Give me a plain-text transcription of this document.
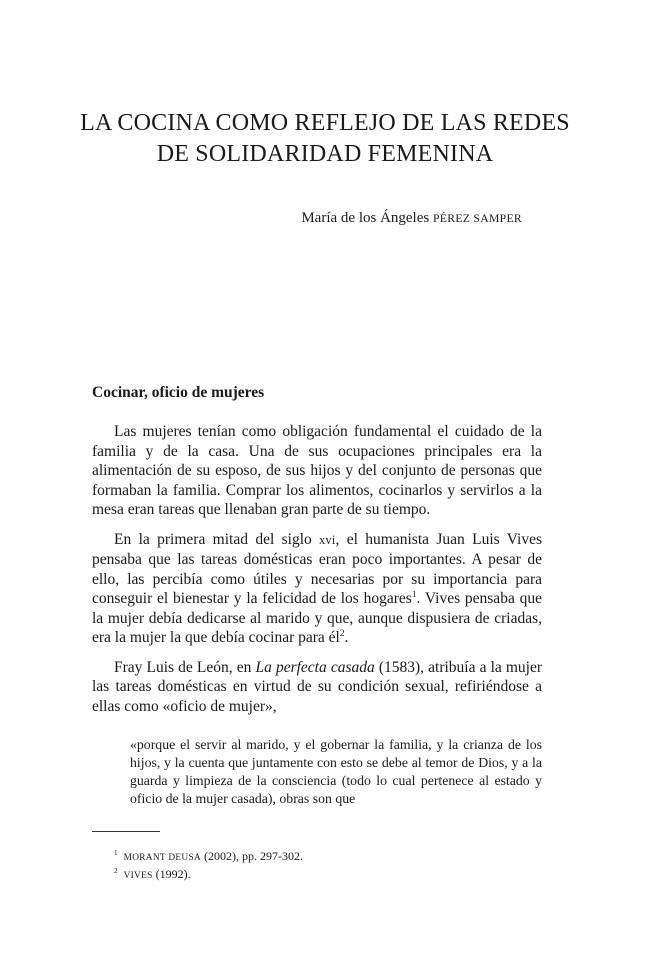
LA COCINA COMO REFLEJO DE LAS REDES
DE SOLIDARIDAD FEMENINA
María de los Ángeles PÉREZ SAMPER
Cocinar, oficio de mujeres

Las mujeres tenían como obligación fundamental el cuidado de la familia y de la casa. Una de sus ocupaciones principales era la alimentación de su esposo, de sus hijos y del conjunto de personas que formaban la familia. Comprar los alimentos, cocinarlos y servirlos a la mesa eran tareas que llenaban gran parte de su tiempo.

En la primera mitad del siglo xvi, el humanista Juan Luis Vives pensaba que las tareas domésticas eran poco importantes. A pesar de ello, las percibía como útiles y necesarias por su importancia para conseguir el bienestar y la felicidad de los hogares$^1$. Vives pensaba que la mujer debía dedicarse al marido y que, aunque dispusiera de criadas, era la mujer la que debía cocinar para $él^2$.

Fray Luis de León, en La perfecta casada (1583), atribuía a la mujer las tareas domésticas en virtud de su condición sexual, refiriéndose a ellas como «oficio de mujer»,

«porque el servir al marido, y el gobernar la familia, y la crianza de los hijos, y la cuenta que juntamente con esto se debe al temor de Dios, y a la guarda y limpieza de la consciencia (todo lo cual pertenece al estado y oficio de la mujer casada), obras son que
$^1$ MORANT DEUSA (2002), pp. 297-302.
$^2$ VIVES (1992).
